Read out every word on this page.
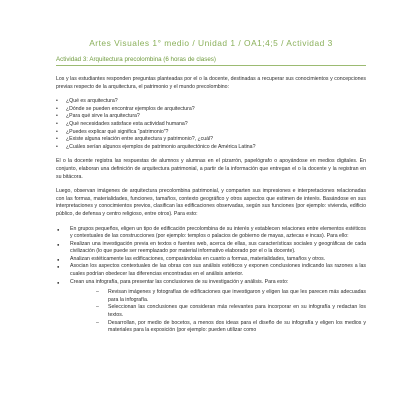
Artes Visuales 1° medio / Unidad 1 / OA1;4;5 / Actividad 3
Actividad 3: Arquitectura precolombina (6 horas de clases)

Los y las estudiantes responden preguntas planteadas por el o la docente, destinadas a recuperar sus conocimientos y concepciones previas respecto de la arquitectura, el patrimonio y el mundo precolombino:

• ¿Qué es arquitectura?
• ¿Dónde se pueden encontrar ejemplos de arquitectura?
• ¿Para qué sirve la arquitectura?
• ¿Qué necesidades satisface esta actividad humana?
• ¿Puedes explicar qué significa “patrimonio”?
• ¿Existe alguna relación entre arquitectura y patrimonio?, ¿cuál?
• ¿Cuáles serían algunos ejemplos de patrimonio arquitectónico de América Latina?

El o la docente registra las respuestas de alumnos y alumnas en el pizarrón, papelógrafo o apoyándose en medios digitales. En conjunto, elaboran una definición de arquitectura patrimonial, a partir de la información que entregan el o la docente y la registran en su bitácora.

Luego, observan imágenes de arquitectura precolombina patrimonial, y comparten sus impresiones e interpretaciones relacionadas con las formas, materialidades, funciones, tamaños, contexto geográfico y otros aspectos que estimen de interés. Basándose en sus interpretaciones y conocimientos previos, clasifican las edificaciones observadas, según sus funciones (por ejemplo: vivienda, edificio público, de defensa y centro religioso, entre otros). Para esto:

● En grupos pequeños, eligen un tipo de edificación precolombina de su interés y establecen relaciones entre elementos estéticos y contextuales de las construcciones (por ejemplo: templos o palacios de gobierno de mayas, aztecas e incas). Para ello:
● Realizan una investigación previa en textos o fuentes web, acerca de ellas, sus características sociales y geográficas de cada civilización (lo que puede ser reemplazado por material informativo elaborado por el o la docente).
● Analizan estéticamente las edificaciones, comparándolas en cuanto a formas, materialidades, tamaños y otros.
● Asocian los aspectos contextuales de las obras con sus análisis estéticos y exponen conclusiones indicando las razones a las cuales podrían obedecer las diferencias encontradas en el análisis anterior.
● Crean una infografía, para presentar las conclusiones de su investigación y análisis. Para esto:
– Revisan imágenes y fotografías de edificaciones que investigaron y eligen las que les parecen más adecuadas para la infografía.
– Seleccionan las conclusiones que consideran más relevantes para incorporar en su infografía y redactan los textos.
– Desarrollan, por medio de bocetos, a menos dos ideas para el diseño de su infografía y eligen los medios y materiales para la exposición (por ejemplo: pueden utilizar como
